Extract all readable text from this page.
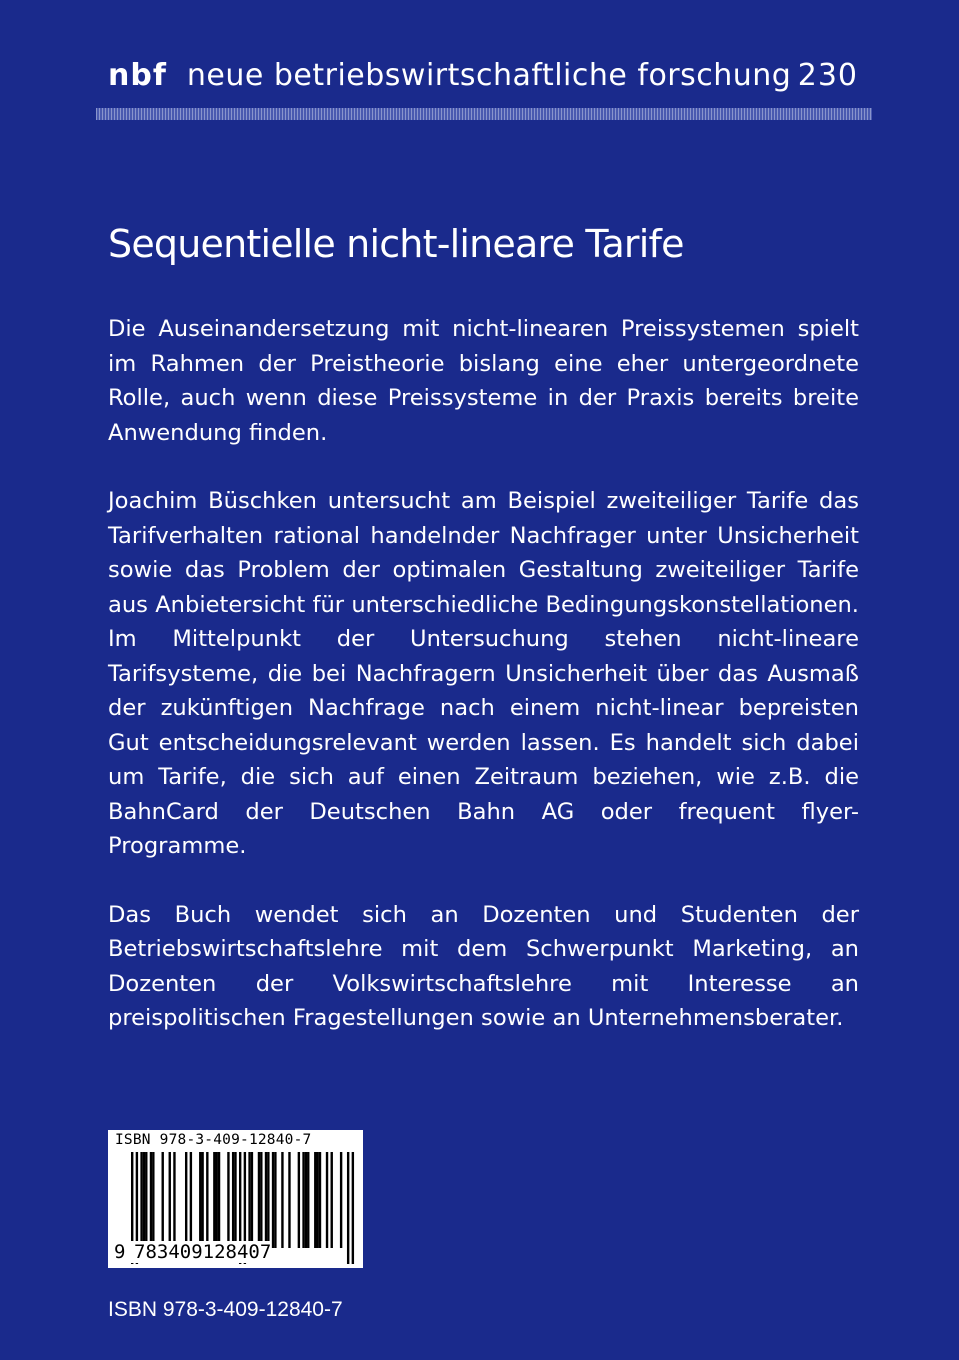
nbf neue betriebswirtschaftliche forschung 230
Sequentielle nicht-lineare Tarife

Die Auseinandersetzung mit nicht-linearen Preissystemen spielt im Rahmen der Preistheorie bislang eine eher untergeordnete Rolle, auch wenn diese Preissysteme in der Praxis bereits breite Anwendung finden.

Joachim Büschken untersucht am Beispiel zweiteiliger Tarife das Tarifverhalten rational handelnder Nachfrager unter Unsicherheit sowie das Problem der optimalen Gestaltung zweiteiliger Tarife aus Anbietersicht für unterschiedliche Bedingungskonstellationen. Im Mittelpunkt der Untersuchung stehen nicht-lineare Tarifsysteme, die bei Nachfragern Unsicherheit über das Ausmaß der zukünftigen Nachfrage nach einem nicht-linear bepreisten Gut entscheidungsrelevant werden lassen. Es handelt sich dabei um Tarife, die sich auf einen Zeitraum beziehen, wie z.B. die BahnCard der Deutschen Bahn AG oder frequent flyer-Programme.

Das Buch wendet sich an Dozenten und Studenten der Betriebswirtschaftslehre mit dem Schwerpunkt Marketing, an Dozenten der Volkswirtschaftslehre mit Interesse an preispolitischen Fragestellungen sowie an Unternehmensberater.

ISBN 978-3-409-12840-7
9 783409128407
ISBN 978-3-409-12840-7
